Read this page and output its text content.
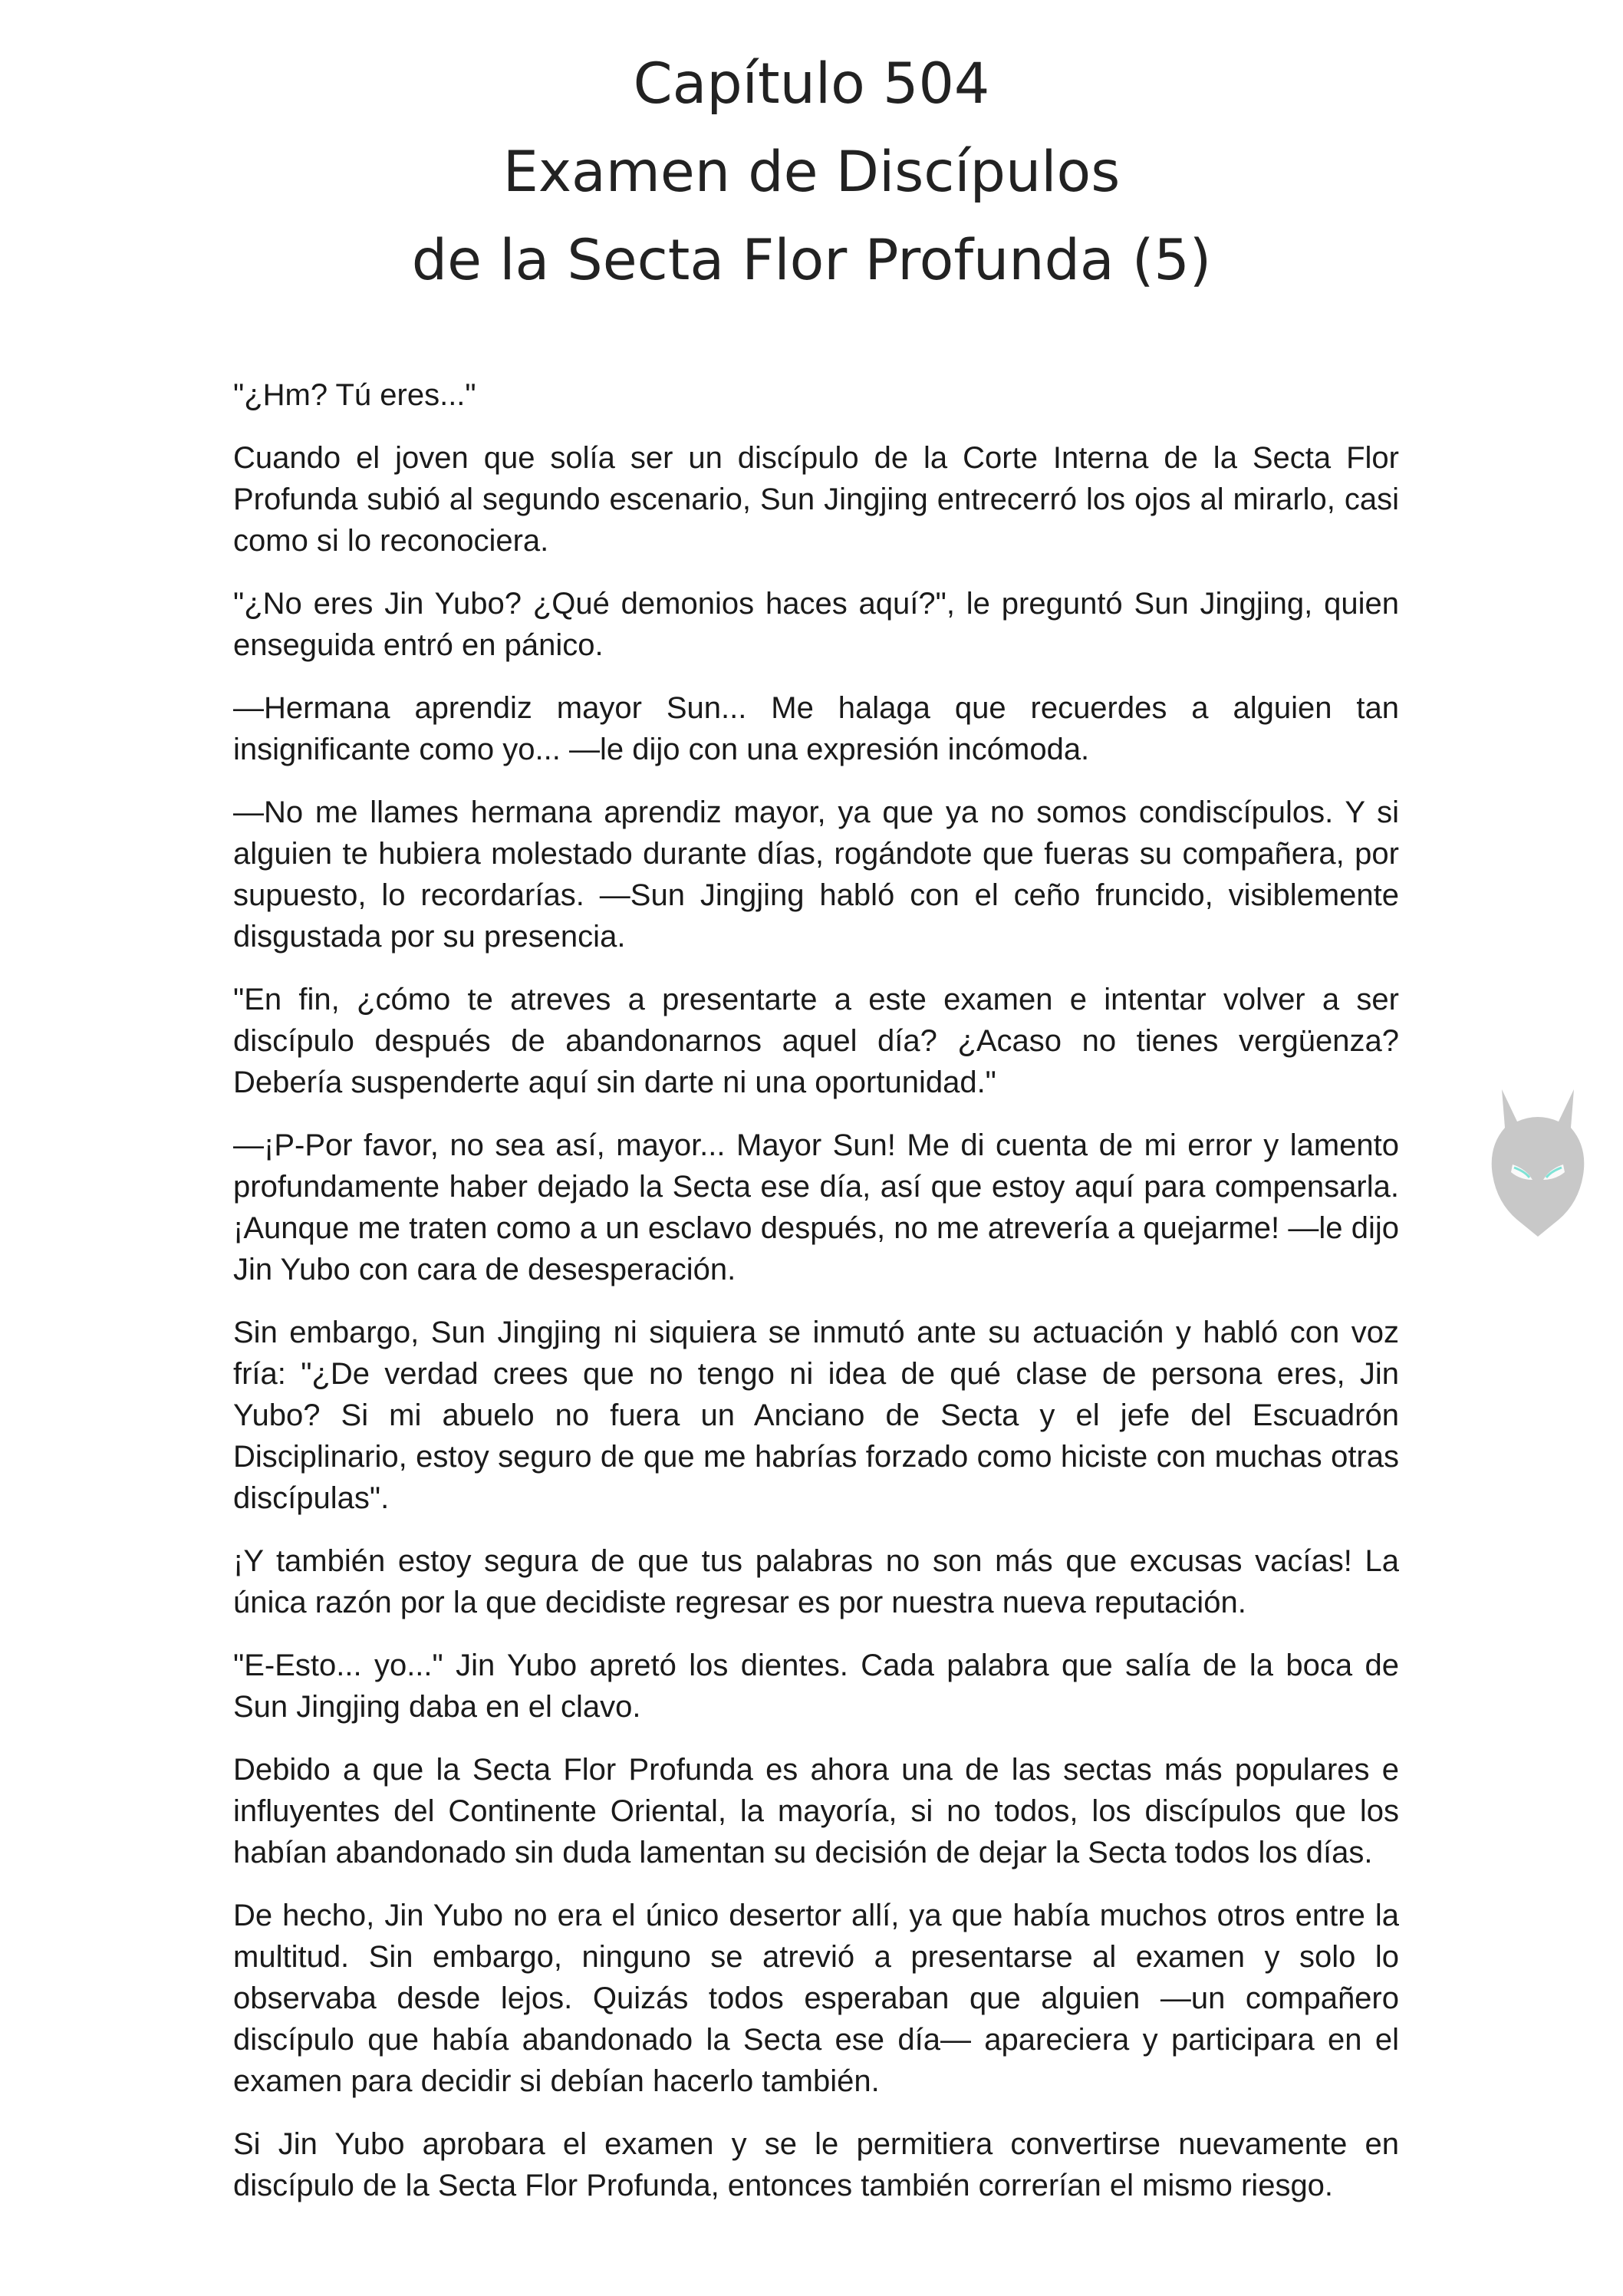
Capítulo 504
Examen de Discípulos
de la Secta Flor Profunda (5)

"¿Hm? Tú eres..."

Cuando el joven que solía ser un discípulo de la Corte Interna de la Secta Flor Profunda subió al segundo escenario, Sun Jingjing entrecerró los ojos al mirarlo, casi como si lo reconociera.

"¿No eres Jin Yubo? ¿Qué demonios haces aquí?", le preguntó Sun Jingjing, quien enseguida entró en pánico.

—Hermana aprendiz mayor Sun... Me halaga que recuerdes a alguien tan insignificante como yo... —le dijo con una expresión incómoda.

—No me llames hermana aprendiz mayor, ya que ya no somos condiscípulos. Y si alguien te hubiera molestado durante días, rogándote que fueras su compañera, por supuesto, lo recordarías. —Sun Jingjing habló con el ceño fruncido, visiblemente disgustada por su presencia.

"En fin, ¿cómo te atreves a presentarte a este examen e intentar volver a ser discípulo después de abandonarnos aquel día? ¿Acaso no tienes vergüenza? Debería suspenderte aquí sin darte ni una oportunidad."

—¡P-Por favor, no sea así, mayor... Mayor Sun! Me di cuenta de mi error y lamento profundamente haber dejado la Secta ese día, así que estoy aquí para compensarla. ¡Aunque me traten como a un esclavo después, no me atrevería a quejarme! —le dijo Jin Yubo con cara de desesperación.

Sin embargo, Sun Jingjing ni siquiera se inmutó ante su actuación y habló con voz fría: "¿De verdad crees que no tengo ni idea de qué clase de persona eres, Jin Yubo? Si mi abuelo no fuera un Anciano de Secta y el jefe del Escuadrón Disciplinario, estoy seguro de que me habrías forzado como hiciste con muchas otras discípulas".

¡Y también estoy segura de que tus palabras no son más que excusas vacías! La única razón por la que decidiste regresar es por nuestra nueva reputación.

"E-Esto... yo..." Jin Yubo apretó los dientes. Cada palabra que salía de la boca de Sun Jingjing daba en el clavo.

Debido a que la Secta Flor Profunda es ahora una de las sectas más populares e influyentes del Continente Oriental, la mayoría, si no todos, los discípulos que los habían abandonado sin duda lamentan su decisión de dejar la Secta todos los días.

De hecho, Jin Yubo no era el único desertor allí, ya que había muchos otros entre la multitud. Sin embargo, ninguno se atrevió a presentarse al examen y solo lo observaba desde lejos. Quizás todos esperaban que alguien —un compañero discípulo que había abandonado la Secta ese día— apareciera y participara en el examen para decidir si debían hacerlo también.

Si Jin Yubo aprobara el examen y se le permitiera convertirse nuevamente en discípulo de la Secta Flor Profunda, entonces también correrían el mismo riesgo.
